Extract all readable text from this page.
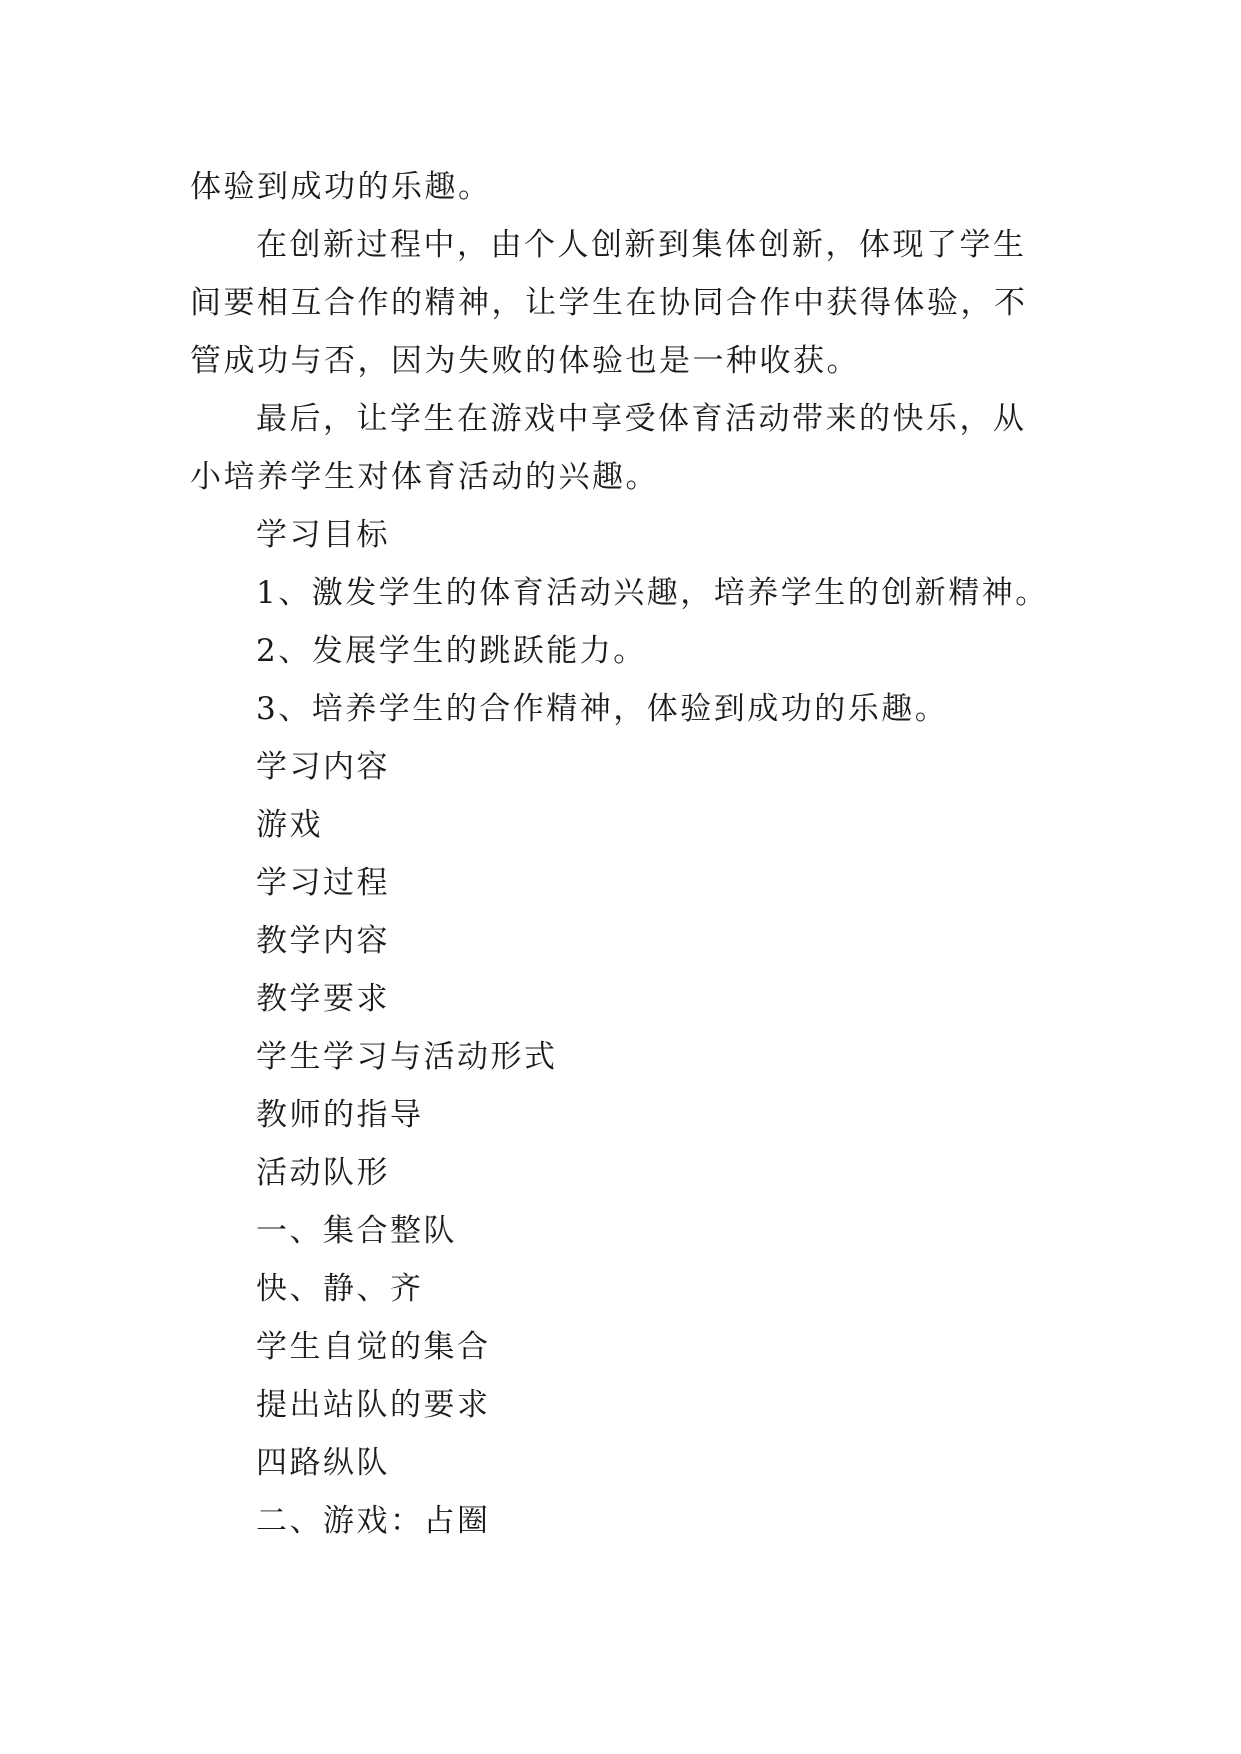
体验到成功的乐趣。

在创新过程中，由个人创新到集体创新，体现了学生间要相互合作的精神，让学生在协同合作中获得体验，不管成功与否，因为失败的体验也是一种收获。

最后，让学生在游戏中享受体育活动带来的快乐，从小培养学生对体育活动的兴趣。

学习目标

1、激发学生的体育活动兴趣，培养学生的创新精神。

2、发展学生的跳跃能力。

3、培养学生的合作精神，体验到成功的乐趣。

学习内容

游戏

学习过程

教学内容

教学要求

学生学习与活动形式

教师的指导

活动队形

一、集合整队

快、静、齐

学生自觉的集合

提出站队的要求

四路纵队

二、游戏：占圈
